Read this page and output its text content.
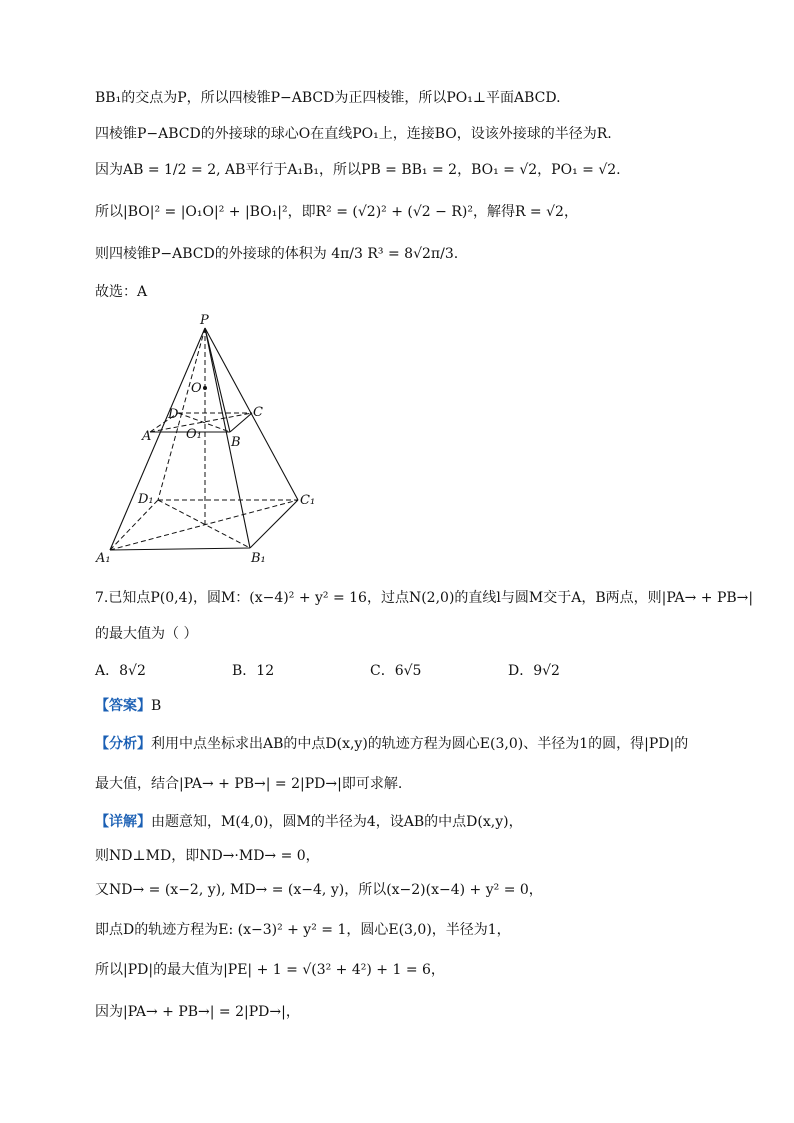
BB₁的交点为P，所以四棱锥P−ABCD为正四棱锥，所以PO₁⊥平面ABCD.
四棱锥P−ABCD的外接球的球心O在直线PO₁上，连接BO，设该外接球的半径为R.
因为AB = 1/2 = 2, AB平行于A₁B₁，所以PB = BB₁ = 2，BO₁ = √2，PO₁ = √2.
所以|BO|² = |O₁O|² + |BO₁|²，即R² = (√2)² + (√2 − R)²，解得R = √2，
则四棱锥P−ABCD的外接球的体积为 4π/3 R³ = 8√2π/3.
故选：A
P
O
D	C
A	O₁
B
D₁	C₁
A₁	B₁
7.已知点P(0,4)，圆M：(x−4)² + y² = 16，过点N(2,0)的直线l与圆M交于A，B两点，则|PA→ + PB→|
的最大值为（ ）
A．8√2	B．12	C．6√5	D．9√2
【答案】B
【分析】利用中点坐标求出AB的中点D(x,y)的轨迹方程为圆心E(3,0)、半径为1的圆，得|PD|的
最大值，结合|PA→ + PB→| = 2|PD→|即可求解.
【详解】由题意知，M(4,0)，圆M的半径为4，设AB的中点D(x,y)，
则ND⊥MD，即ND→·MD→ = 0，
又ND→ = (x−2, y), MD→ = (x−4, y)，所以(x−2)(x−4) + y² = 0，
即点D的轨迹方程为E: (x−3)² + y² = 1，圆心E(3,0)，半径为1，
所以|PD|的最大值为|PE| + 1 = √(3² + 4²) + 1 = 6，
因为|PA→ + PB→| = 2|PD→|，
